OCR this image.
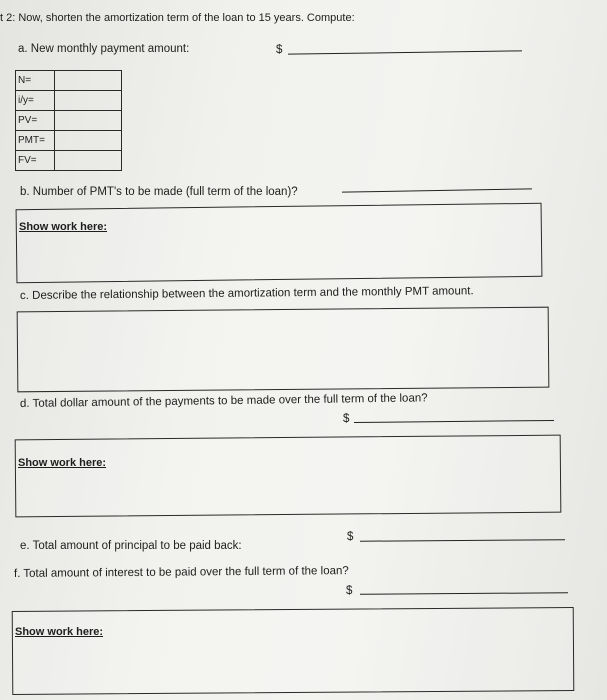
t 2: Now, shorten the amortization term of the loan to 15 years. Compute:
a. New monthly payment amount:	$
N=	
i/y=	
PV=	
PMT=	
FV=	
b. Number of PMT's to be made (full term of the loan)?
Show work here:
c. Describe the relationship between the amortization term and the monthly PMT amount.
d. Total dollar amount of the payments to be made over the full term of the loan?
$
Show work here:
e. Total amount of principal to be paid back:
$
f. Total amount of interest to be paid over the full term of the loan?
$
Show work here:
